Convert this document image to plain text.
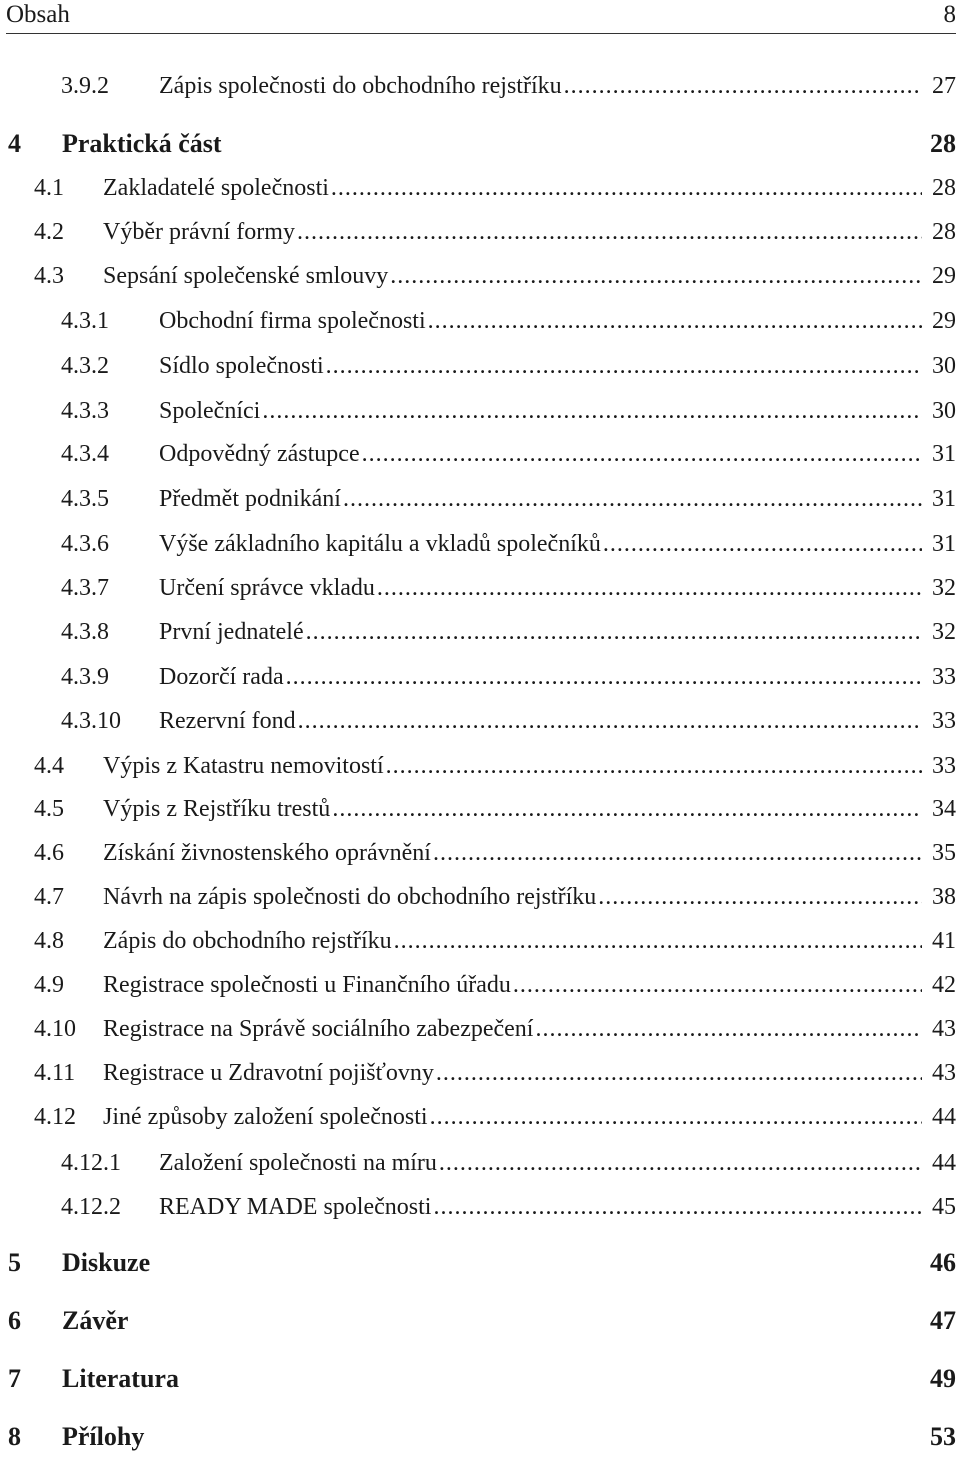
Obsah	8
3.9.2 Zápis společnosti do obchodního rejstříku .....	27
4 Praktická část	28
4.1 Zakladatelé společnosti .....	28
4.2 Výběr právní formy .....	28
4.3 Sepsání společenské smlouvy .....	29
4.3.1 Obchodní firma společnosti .....	29
4.3.2 Sídlo společnosti .....	30
4.3.3 Společníci .....	30
4.3.4 Odpovědný zástupce .....	31
4.3.5 Předmět podnikání .....	31
4.3.6 Výše základního kapitálu a vkladů společníků .....	31
4.3.7 Určení správce vkladu .....	32
4.3.8 První jednatelé .....	32
4.3.9 Dozorčí rada .....	33
4.3.10 Rezervní fond .....	33
4.4 Výpis z Katastru nemovitostí .....	33
4.5 Výpis z Rejstříku trestů .....	34
4.6 Získání živnostenského oprávnění .....	35
4.7 Návrh na zápis společnosti do obchodního rejstříku .....	38
4.8 Zápis do obchodního rejstříku .....	41
4.9 Registrace společnosti u Finančního úřadu .....	42
4.10 Registrace na Správě sociálního zabezpečení .....	43
4.11 Registrace u Zdravotní pojišťovny .....	43
4.12 Jiné způsoby založení společnosti .....	44
4.12.1 Založení společnosti na míru .....	44
4.12.2 READY MADE společnosti .....	45
5 Diskuze	46
6 Závěr	47
7 Literatura	49
8 Přílohy	53
